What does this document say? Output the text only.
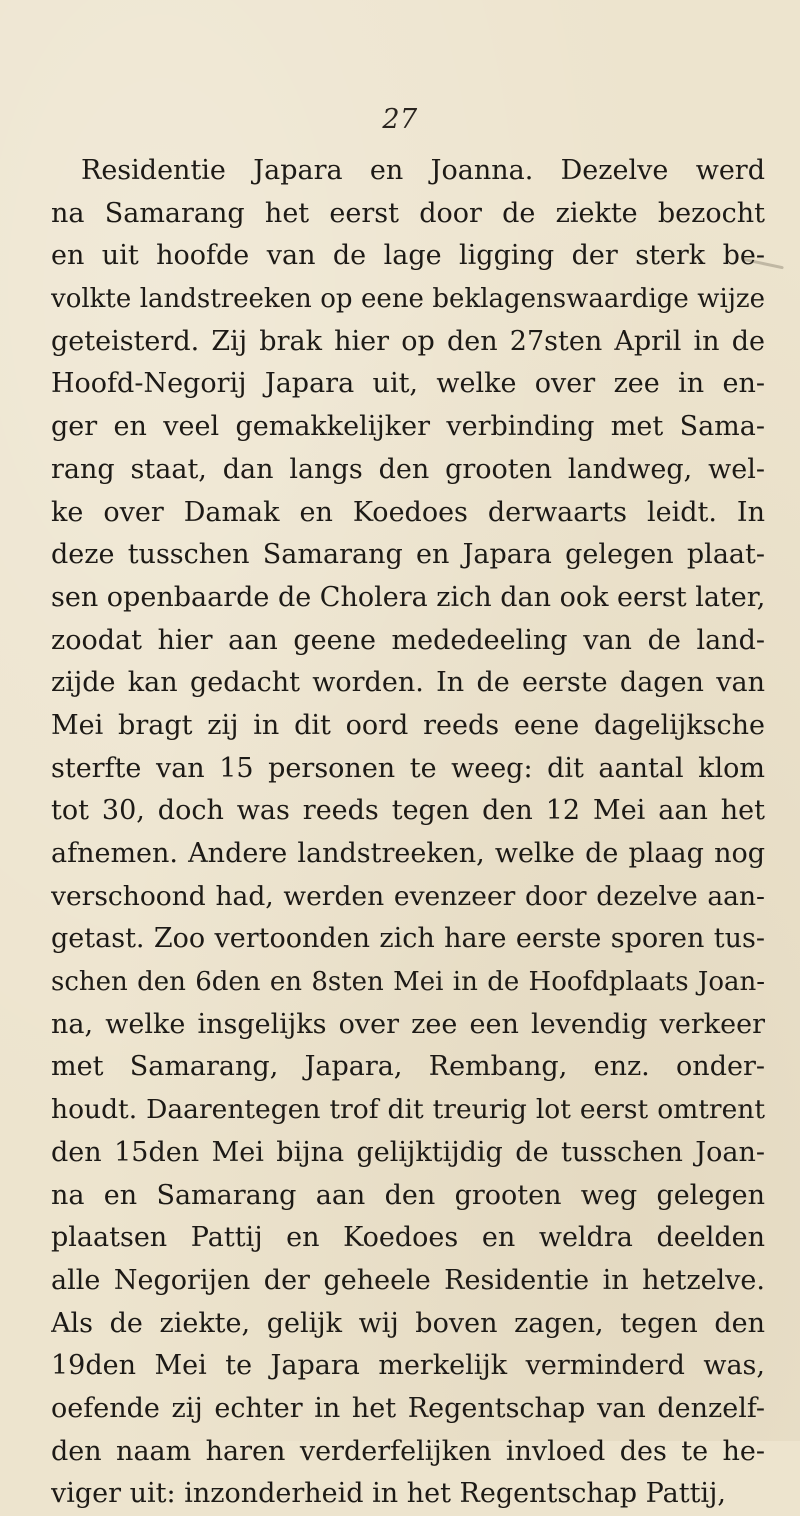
27
Residentie Japara en Joanna. Dezelve werd
na Samarang het eerst door de ziekte bezocht
en uit hoofde van de lage ligging der sterk be-
volkte landstreeken op eene beklagenswaardige wijze
geteisterd. Zij brak hier op den 27sten April in de
Hoofd-Negorij Japara uit, welke over zee in en-
ger en veel gemakkelijker verbinding met Sama-
rang staat, dan langs den grooten landweg, wel-
ke over Damak en Koedoes derwaarts leidt. In
deze tusschen Samarang en Japara gelegen plaat-
sen openbaarde de Cholera zich dan ook eerst later,
zoodat hier aan geene mededeeling van de land-
zijde kan gedacht worden. In de eerste dagen van
Mei bragt zij in dit oord reeds eene dagelijksche
sterfte van 15 personen te weeg: dit aantal klom
tot 30, doch was reeds tegen den 12 Mei aan het
afnemen. Andere landstreeken, welke de plaag nog
verschoond had, werden evenzeer door dezelve aan-
getast. Zoo vertoonden zich hare eerste sporen tus-
schen den 6den en 8sten Mei in de Hoofdplaats Joan-
na, welke insgelijks over zee een levendig verkeer
met Samarang, Japara, Rembang, enz. onder-
houdt. Daarentegen trof dit treurig lot eerst omtrent
den 15den Mei bijna gelijktijdig de tusschen Joan-
na en Samarang aan den grooten weg gelegen
plaatsen Pattij en Koedoes en weldra deelden
alle Negorijen der geheele Residentie in hetzelve.
Als de ziekte, gelijk wij boven zagen, tegen den
19den Mei te Japara merkelijk verminderd was,
oefende zij echter in het Regentschap van denzelf-
den naam haren verderfelijken invloed des te he-
viger uit: inzonderheid in het Regentschap Pattij,
